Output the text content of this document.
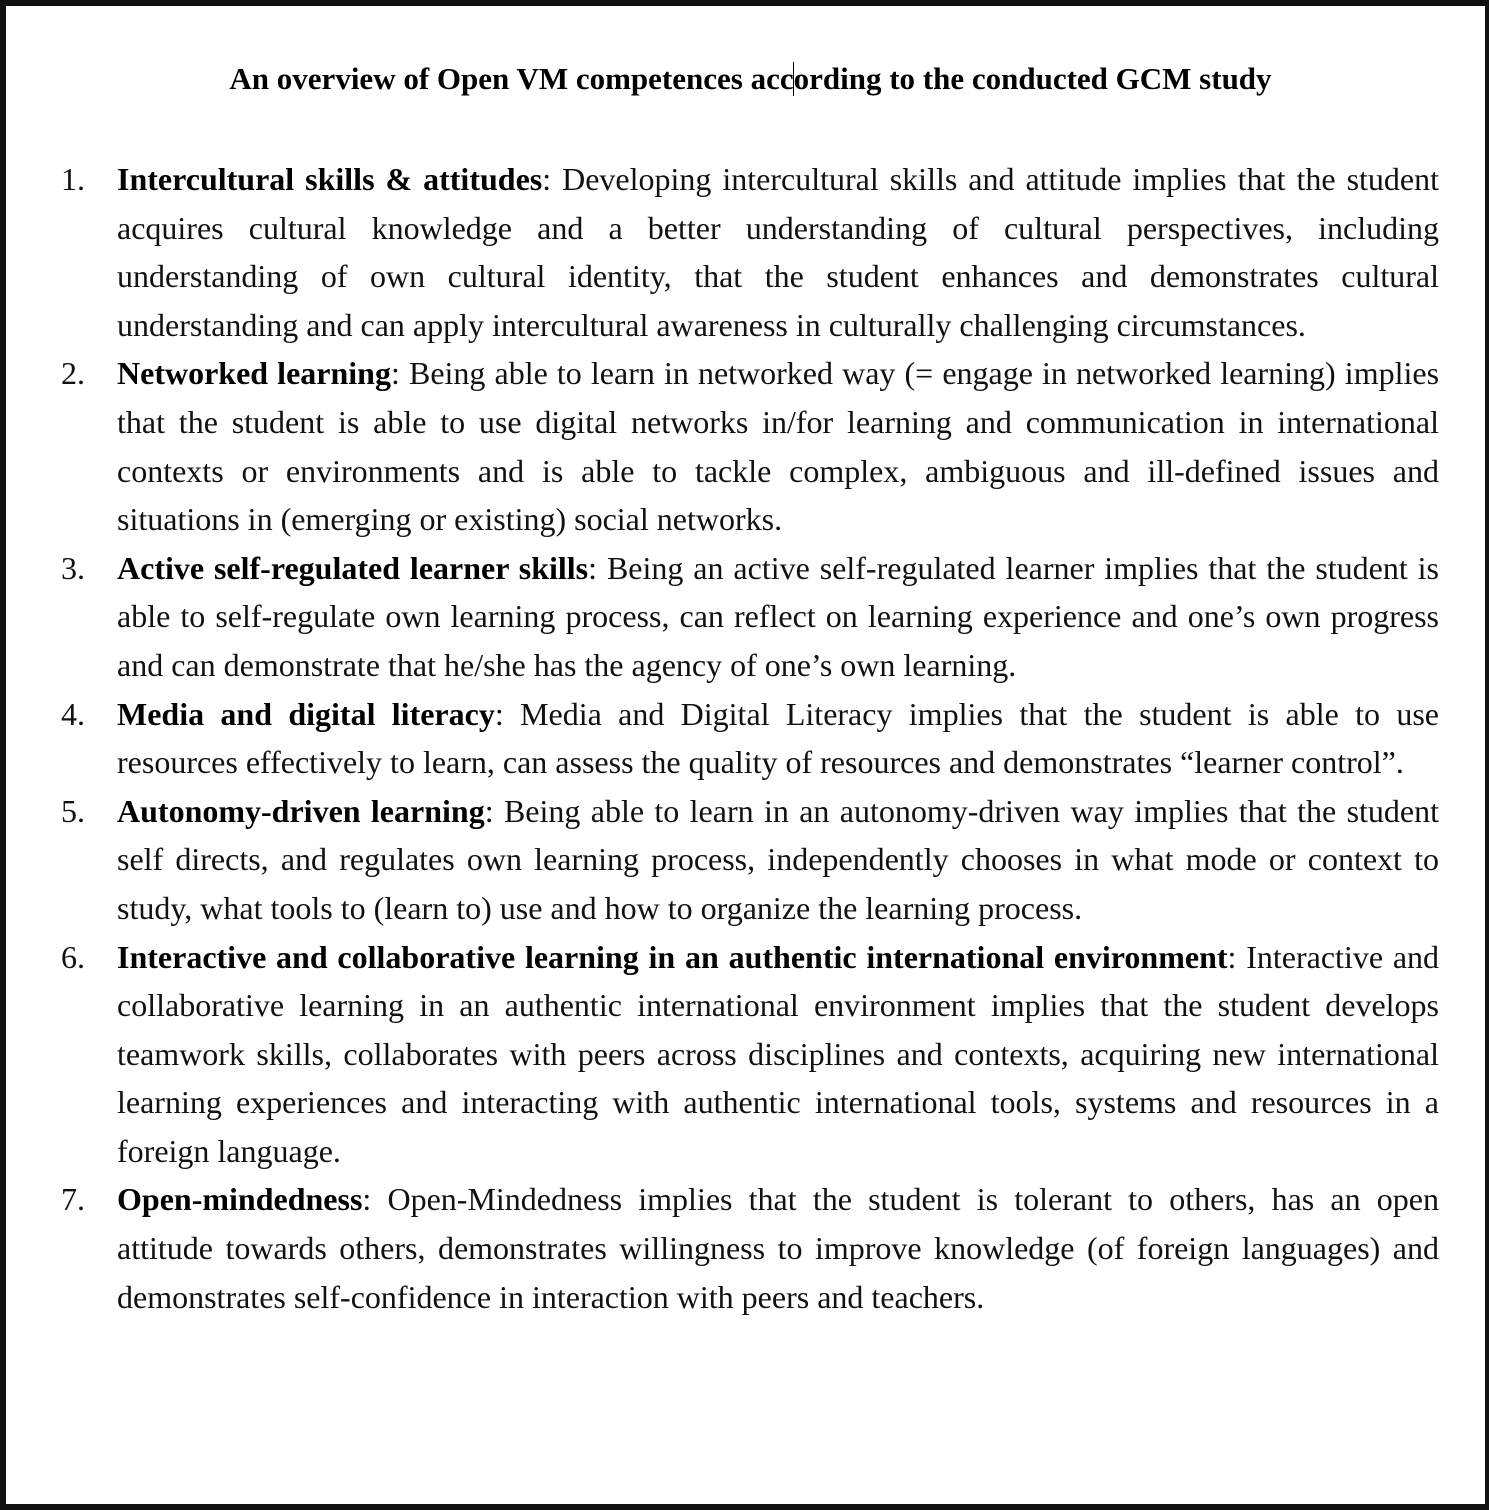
An overview of Open VM competences according to the conducted GCM study
1. Intercultural skills & attitudes: Developing intercultural skills and attitude implies that the student acquires cultural knowledge and a better understanding of cultural perspectives, including understanding of own cultural identity, that the student enhances and demonstrates cultural understanding and can apply intercultural awareness in culturally challenging circumstances.
2. Networked learning: Being able to learn in networked way (= engage in networked learning) implies that the student is able to use digital networks in/for learning and communication in international contexts or environments and is able to tackle complex, ambiguous and ill-defined issues and situations in (emerging or existing) social networks.
3. Active self-regulated learner skills: Being an active self-regulated learner implies that the student is able to self-regulate own learning process, can reflect on learning experience and one’s own progress and can demonstrate that he/she has the agency of one’s own learning.
4. Media and digital literacy: Media and Digital Literacy implies that the student is able to use resources effectively to learn, can assess the quality of resources and demonstrates “learner control”.
5. Autonomy-driven learning: Being able to learn in an autonomy-driven way implies that the student self directs, and regulates own learning process, independently chooses in what mode or context to study, what tools to (learn to) use and how to organize the learning process.
6. Interactive and collaborative learning in an authentic international environment: Interactive and collaborative learning in an authentic international environment implies that the student develops teamwork skills, collaborates with peers across disciplines and contexts, acquiring new international learning experiences and interacting with authentic international tools, systems and resources in a foreign language.
7. Open-mindedness: Open-Mindedness implies that the student is tolerant to others, has an open attitude towards others, demonstrates willingness to improve knowledge (of foreign languages) and demonstrates self-confidence in interaction with peers and teachers.
